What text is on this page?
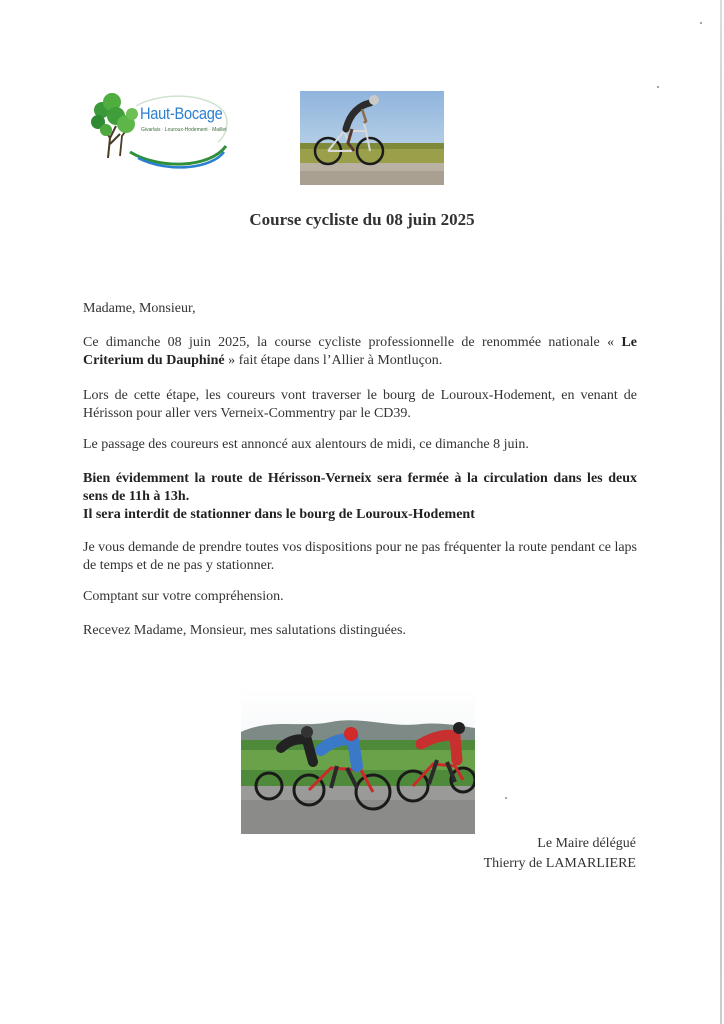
Haut-Bocage
Givarlais · Louroux-Hodement · Maillet
Course cycliste du 08 juin 2025

Madame, Monsieur,

Ce dimanche 08 juin 2025, la course cycliste professionnelle de renommée nationale « Le Criterium du Dauphiné » fait étape dans l’Allier à Montluçon.

Lors de cette étape, les coureurs vont traverser le bourg de Louroux-Hodement, en venant de Hérisson pour aller vers Verneix-Commentry par le CD39.

Le passage des coureurs est annoncé aux alentours de midi, ce dimanche 8 juin.

Bien évidemment la route de Hérisson-Verneix sera fermée à la circulation dans les deux sens de 11h à 13h.

Il sera interdit de stationner dans le bourg de Louroux-Hodement

Je vous demande de prendre toutes vos dispositions pour ne pas fréquenter la route pendant ce laps de temps et de ne pas y stationner.

Comptant sur votre compréhension.

Recevez Madame, Monsieur, mes salutations distinguées.

Le Maire délégué
Thierry de LAMARLIERE
